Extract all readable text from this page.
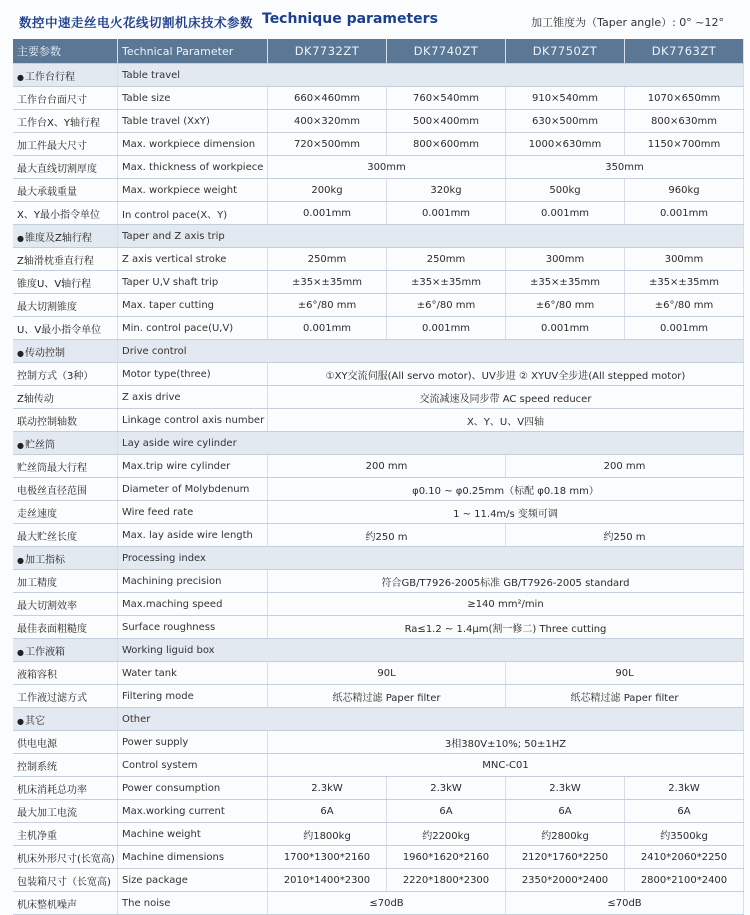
数控中速走丝电火花线切割机床技术参数 Technique parameters	加工锥度为（Taper angle）: 0° ~12°
主要参数	Technical Parameter	DK7732ZT	DK7740ZT	DK7750ZT	DK7763ZT
● 工作台行程	Table travel				
工作台台面尺寸	Table size	660×460mm	760×540mm	910×540mm	1070×650mm
工作台X、Y轴行程	Table travel (XxY)	400×320mm	500×400mm	630×500mm	800×630mm
加工件最大尺寸	Max. workpiece dimension	720×500mm	800×600mm	1000×630mm	1150×700mm
最大直线切割厚度	Max. thickness of workpiece	300mm		350mm	
最大承载重量	Max. workpiece weight	200kg	320kg	500kg	960kg
X、Y最小指令单位	In control pace(X、Y)	0.001mm	0.001mm	0.001mm	0.001mm
● 锥度及Z轴行程	Taper and Z axis trip				
Z轴滑枕垂直行程	Z axis vertical stroke	250mm	250mm	300mm	300mm
锥度U、V轴行程	Taper U,V shaft trip	±35×±35mm	±35×±35mm	±35×±35mm	±35×±35mm
最大切割锥度	Max. taper cutting	±6°/80 mm	±6°/80 mm	±6°/80 mm	±6°/80 mm
U、V最小指令单位	Min. control pace(U,V)	0.001mm	0.001mm	0.001mm	0.001mm
● 传动控制	Drive control				
控制方式（3种）	Motor type(three)	①XY交流伺服(All servo motor)、UV步进 ② XYUV全步进(All stepped motor)			
Z轴传动	Z axis drive	交流减速及同步带 AC speed reducer			
联动控制轴数	Linkage control axis number	X、Y、U、V四轴			
● 贮丝筒	Lay aside wire cylinder				
贮丝筒最大行程	Max.trip wire cylinder	200 mm		200 mm	
电极丝直径范围	Diameter of Molybdenum	φ0.10 ~ φ0.25mm（标配 φ0.18 mm）			
走丝速度	Wire feed rate	1 ~ 11.4m/s 变频可调			
最大贮丝长度	Max. lay aside wire length	约250 m		约250 m	
● 加工指标	Processing index				
加工精度	Machining precision	符合GB/T7926-2005标准 GB/T7926-2005 standard			
最大切割效率	Max.maching speed	≥140 mm²/min			
最佳表面粗糙度	Surface roughness	Ra≤1.2 ~ 1.4μm(割一修二) Three cutting			
● 工作液箱	Working liguid box				
液箱容积	Water tank	90L		90L	
工作液过滤方式	Filtering mode	纸芯精过滤 Paper filter		纸芯精过滤 Paper filter	
● 其它	Other				
供电电源	Power supply	3相380V±10%; 50±1HZ			
控制系统	Control system	MNC-C01			
机床消耗总功率	Power consumption	2.3kW	2.3kW	2.3kW	2.3kW
最大加工电流	Max.working current	6A	6A	6A	6A
主机净重	Machine weight	约1800kg	约2200kg	约2800kg	约3500kg
机床外形尺寸(长宽高)	Machine dimensions	1700*1300*2160	1960*1620*2160	2120*1760*2250	2410*2060*2250
包装箱尺寸（长宽高)	Size package	2010*1400*2300	2220*1800*2300	2350*2000*2400	2800*2100*2400
机床整机噪声	The noise	≤70dB		≤70dB	
